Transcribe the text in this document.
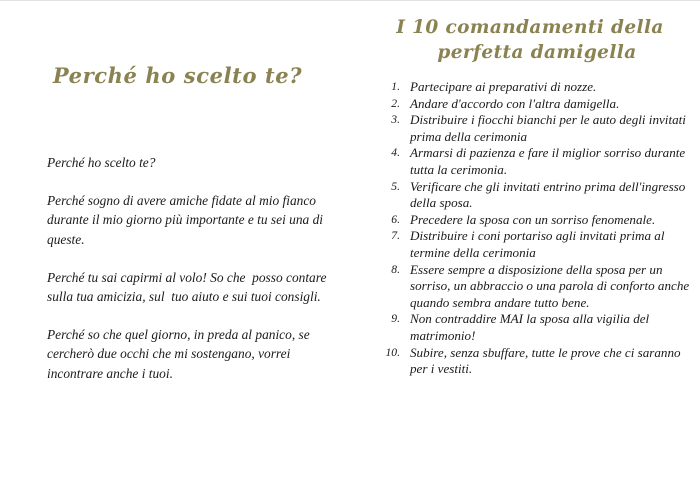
Perché ho scelto te?

Perché ho scelto te?

Perché sogno di avere amiche fidate al mio fianco durante il mio giorno più importante e tu sei una di queste.

Perché tu sai capirmi al volo! So che  posso contare sulla tua amicizia, sul  tuo aiuto e sui tuoi consigli.

Perché so che quel giorno, in preda al panico, se cercherò due occhi che mi sostengano, vorrei incontrare anche i tuoi.

I 10 comandamenti della
perfetta damigella
1. Partecipare ai preparativi di nozze.
2. Andare d'accordo con l'altra damigella.
3. Distribuire i fiocchi bianchi per le auto degli invitati prima della cerimonia
4. Armarsi di pazienza e fare il miglior sorriso durante tutta la cerimonia.
5. Verificare che gli invitati entrino prima dell'ingresso della sposa.
6. Precedere la sposa con un sorriso fenomenale.
7. Distribuire i coni portariso agli invitati prima al termine della cerimonia
8. Essere sempre a disposizione della sposa per un sorriso, un abbraccio o una parola di conforto anche quando sembra andare tutto bene.
9. Non contraddire MAI la sposa alla vigilia del matrimonio!
10. Subire, senza sbuffare, tutte le prove che ci saranno per i vestiti.
